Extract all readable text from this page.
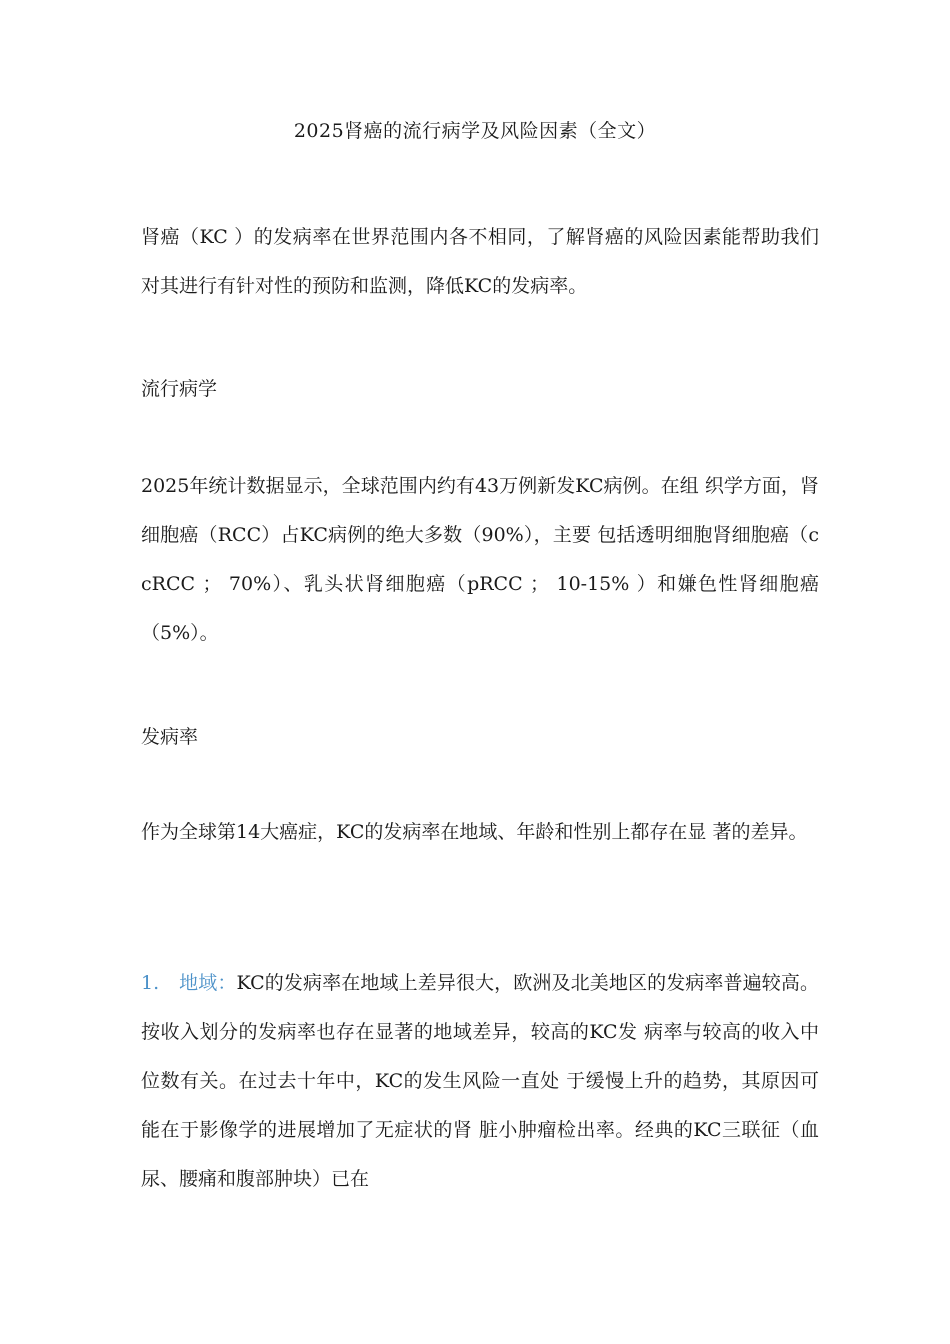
2025肾癌的流行病学及风险因素（全文）

肾癌（KC ）的发病率在世界范围内各不相同，了解肾癌的风险因素能帮助我们对其进行有针对性的预防和监测，降低KC的发病率。

流行病学

2025年统计数据显示，全球范围内约有43万例新发KC病例。在组 织学方面，肾细胞癌（RCC）占KC病例的绝大多数（90%），主要 包括透明细胞肾细胞癌（ccRCC ； 70%）、乳头状肾细胞癌（pRCC ； 10-15% ）和嫌色性肾细胞癌（5%）。

发病率

作为全球第14大癌症，KC的发病率在地域、年龄和性别上都存在显 著的差异。

1. 地域：KC的发病率在地域上差异很大，欧洲及北美地区的发病率普遍较高。按收入划分的发病率也存在显著的地域差异，较高的KC发 病率与较高的收入中位数有关。在过去十年中，KC的发生风险一直处 于缓慢上升的趋势，其原因可能在于影像学的进展增加了无症状的肾 脏小肿瘤检出率。经典的KC三联征（血尿、腰痛和腹部肿块）已在
